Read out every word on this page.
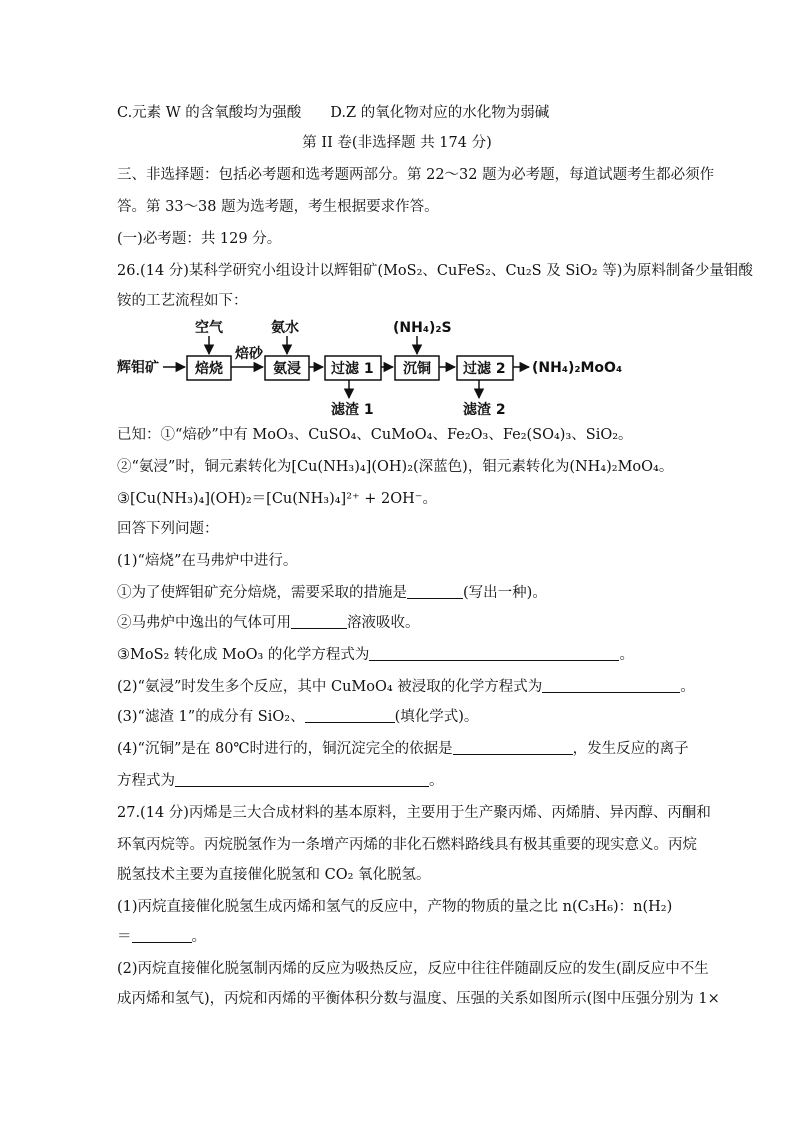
C.元素 W 的含氧酸均为强酸　　D.Z 的氧化物对应的水化物为弱碱
第 II 卷(非选择题 共 174 分)
三、非选择题：包括必考题和选考题两部分。第 22～32 题为必考题，每道试题考生都必须作
答。第 33～38 题为选考题，考生根据要求作答。
(一)必考题：共 129 分。
26.(14 分)某科学研究小组设计以辉钼矿(MoS₂、CuFeS₂、Cu₂S 及 SiO₂ 等)为原料制备少量钼酸
铵的工艺流程如下：
辉钼矿	焙烧
空气
焙砂
氨浸
氨水
过滤 1
滤渣 1
沉铜
(NH₄)₂S
过滤 2
滤渣 2
(NH₄)₂MoO₄
已知：①“焙砂”中有 MoO₃、CuSO₄、CuMoO₄、Fe₂O₃、Fe₂(SO₄)₃、SiO₂。
②“氨浸”时，铜元素转化为[Cu(NH₃)₄](OH)₂(深蓝色)，钼元素转化为(NH₄)₂MoO₄。
③[Cu(NH₃)₄](OH)₂＝[Cu(NH₃)₄]²⁺ + 2OH⁻。
回答下列问题：
(1)“焙烧”在马弗炉中进行。
①为了使辉钼矿充分焙烧，需要采取的措施是	(写出一种)。
②马弗炉中逸出的气体可用	溶液吸收。
③MoS₂ 转化成 MoO₃ 的化学方程式为	。
(2)“氨浸”时发生多个反应，其中 CuMoO₄ 被浸取的化学方程式为	。
(3)“滤渣 1”的成分有 SiO₂、	(填化学式)。
(4)“沉铜”是在 80℃时进行的，铜沉淀完全的依据是	，发生反应的离子
方程式为	。
27.(14 分)丙烯是三大合成材料的基本原料，主要用于生产聚丙烯、丙烯腈、异丙醇、丙酮和
环氧丙烷等。丙烷脱氢作为一条增产丙烯的非化石燃料路线具有极其重要的现实意义。丙烷
脱氢技术主要为直接催化脱氢和 CO₂ 氧化脱氢。
(1)丙烷直接催化脱氢生成丙烯和氢气的反应中，产物的物质的量之比 n(C₃H₆)：n(H₂)
＝	。
(2)丙烷直接催化脱氢制丙烯的反应为吸热反应，反应中往往伴随副反应的发生(副反应中不生
成丙烯和氢气)，丙烷和丙烯的平衡体积分数与温度、压强的关系如图所示(图中压强分别为 1×
